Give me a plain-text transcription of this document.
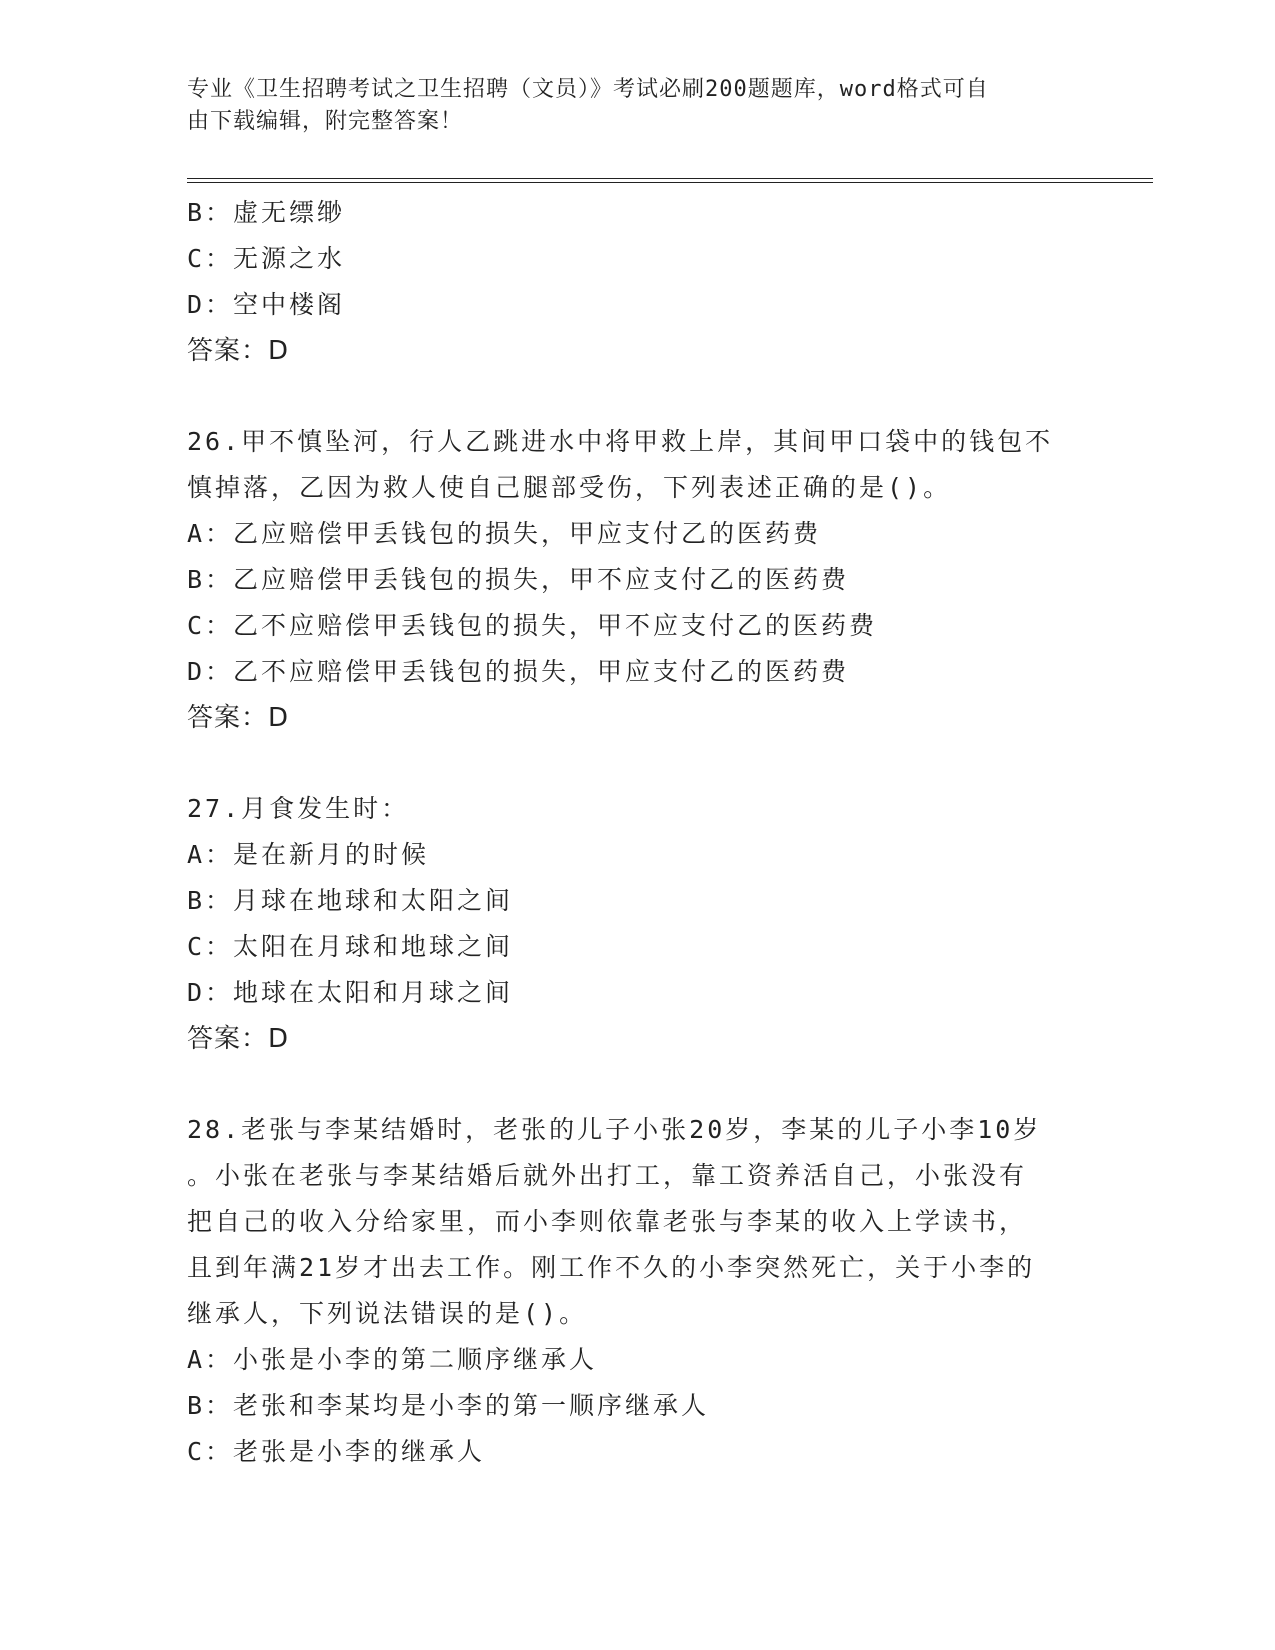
专业《卫生招聘考试之卫生招聘（文员）》考试必刷200题题库，word格式可自
由下载编辑，附完整答案！
B：虚无缥缈
C：无源之水
D：空中楼阁
答案：D
26.甲不慎坠河，行人乙跳进水中将甲救上岸，其间甲口袋中的钱包不
慎掉落，乙因为救人使自己腿部受伤，下列表述正确的是()。
A：乙应赔偿甲丢钱包的损失，甲应支付乙的医药费
B：乙应赔偿甲丢钱包的损失，甲不应支付乙的医药费
C：乙不应赔偿甲丢钱包的损失，甲不应支付乙的医药费
D：乙不应赔偿甲丢钱包的损失，甲应支付乙的医药费
答案：D
27.月食发生时：
A：是在新月的时候
B：月球在地球和太阳之间
C：太阳在月球和地球之间
D：地球在太阳和月球之间
答案：D
28.老张与李某结婚时，老张的儿子小张20岁，李某的儿子小李10岁
。小张在老张与李某结婚后就外出打工，靠工资养活自己，小张没有
把自己的收入分给家里，而小李则依靠老张与李某的收入上学读书，
且到年满21岁才出去工作。刚工作不久的小李突然死亡，关于小李的
继承人，下列说法错误的是()。
A：小张是小李的第二顺序继承人
B：老张和李某均是小李的第一顺序继承人
C：老张是小李的继承人
